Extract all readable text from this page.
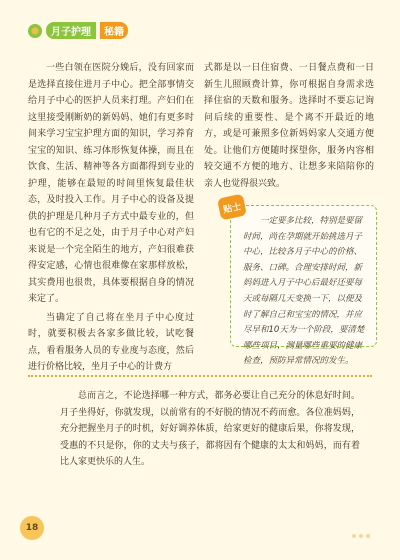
月子护理	秘籍

一些白领在医院分娩后，没有回家而是选择直接住进月子中心。把全部事情交给月子中心的医护人员来打理。产妇们在这里接受刚断奶的新妈妈、她们有更多时间来学习宝宝护理方面的知识，学习养育宝宝的知识、练习体形恢复体操，而且在饮食、生活、精神等各方面都得到专业的护理，能够在最短的时间里恢复最佳状态，及时投入工作。月子中心的设备及提供的护理是几种月子方式中最专业的，但也有它的不足之处，由于月子中心对产妇来说是一个完全陌生的地方，产妇很难获得安定感，心情也很难像在家那样放松，其实费用也很贵，具体要根据自身的情况来定了。

当确定了自己将在坐月子中心度过时，就要积极去各家多做比较，试吃餐点，看看服务人员的专业度与态度，然后进行价格比较，坐月子中心的计费方

式都是以一日住宿费、一日餐点费和一日新生儿照顾费计算，你可根据自身需求选择住宿的天数和服务。选择时不要忘记询问后续的重要性、是个离不开最近的地方，或是可兼照多位新妈妈家人交通方便处。让他们方便随时探望你，服务内容相较交通不方便的地方、让想多来陪陪你的亲人也觉得很兴致。

贴士
一定要多比较，特别是要留时间，尚在孕期就开始挑选月子中心，比较各月子中心的价格、服务、口碑。合理安排时间，新妈妈进入月子中心后最好还要每天或每隔几天变换一下，以便及时了解自己和宝宝的情况，并应尽早和10天为一个阶段，要清楚哪些项目，测量哪些重要的健康检查，预防异常情况的发生。
总而言之，不论选择哪一种方式，都务必要让自己充分的休息好时间。月子坐得好，你就发现，以前常有的不好脱的情况不药而愈。各位准妈妈，充分把握坐月子的时机，好好调养体质，给家更好的健康后果，你将发现，受惠的不只是你，你的丈夫与孩子，都将因有个健康的太太和妈妈，而有着比人家更快乐的人生。
18
